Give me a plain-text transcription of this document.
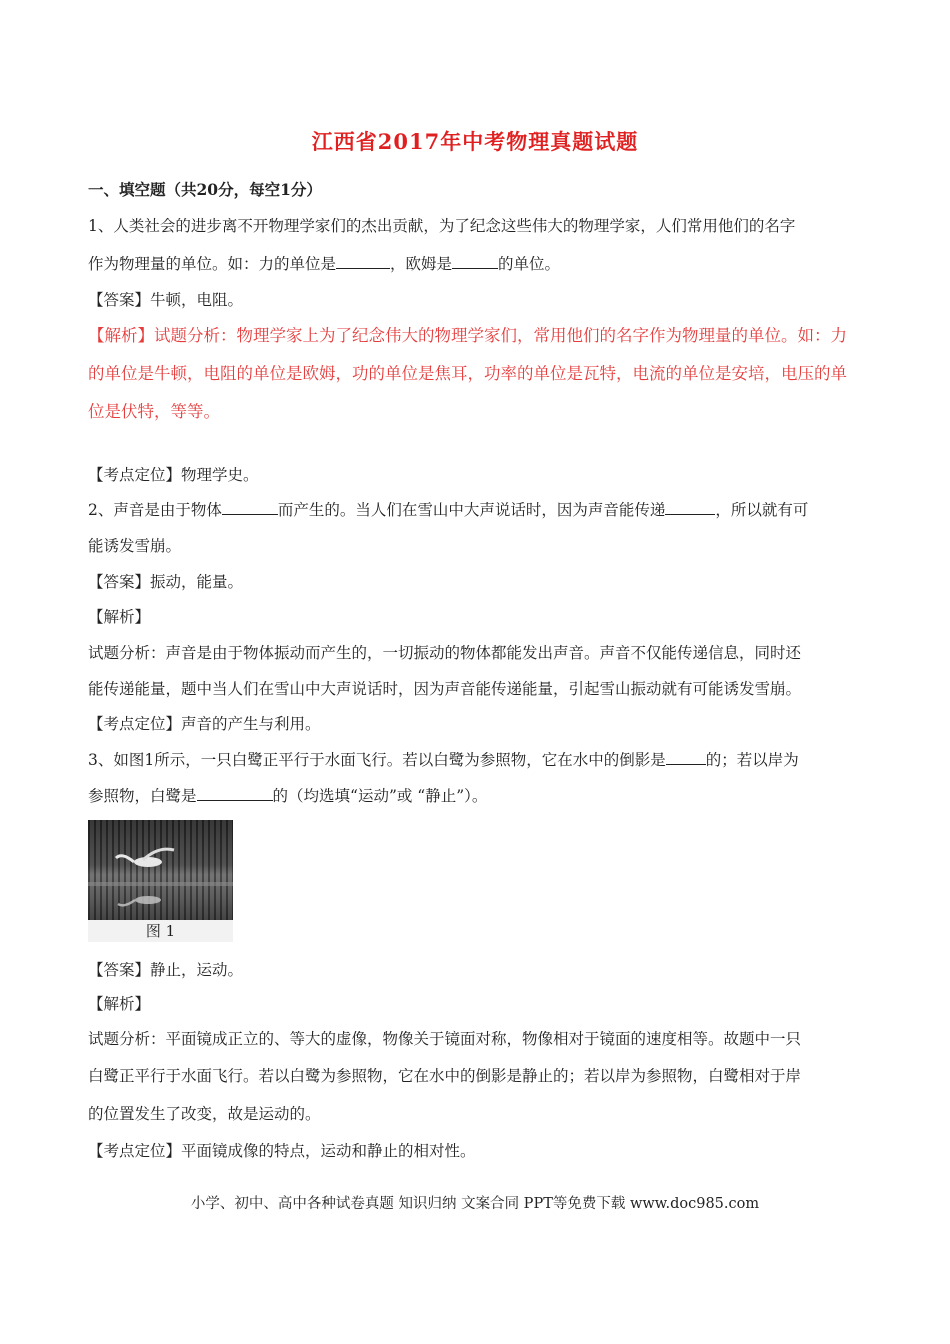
江西省2017年中考物理真题试题
一、填空题（共20分，每空1分）
1、人类社会的进步离不开物理学家们的杰出贡献，为了纪念这些伟大的物理学家，人们常用他们的名字
作为物理量的单位。如：力的单位是	，欧姆是	的单位。
【答案】牛顿，电阻。
【解析】试题分析：物理学家上为了纪念伟大的物理学家们，常用他们的名字作为物理量的单位。如：力
的单位是牛顿，电阻的单位是欧姆，功的单位是焦耳，功率的单位是瓦特，电流的单位是安培，电压的单
位是伏特，等等。
【考点定位】物理学史。
2、声音是由于物体	而产生的。当人们在雪山中大声说话时，因为声音能传递	，所以就有可
能诱发雪崩。
【答案】振动，能量。
【解析】
试题分析：声音是由于物体振动而产生的，一切振动的物体都能发出声音。声音不仅能传递信息，同时还
能传递能量，题中当人们在雪山中大声说话时，因为声音能传递能量，引起雪山振动就有可能诱发雪崩。
【考点定位】声音的产生与利用。
3、如图1所示，一只白鹭正平行于水面飞行。若以白鹭为参照物，它在水中的倒影是	的；若以岸为
参照物，白鹭是	的（均选填“运动”或 “静止”）。
图 1
【答案】静止，运动。
【解析】
试题分析：平面镜成正立的、等大的虚像，物像关于镜面对称，物像相对于镜面的速度相等。故题中一只
白鹭正平行于水面飞行。若以白鹭为参照物，它在水中的倒影是静止的；若以岸为参照物，白鹭相对于岸
的位置发生了改变，故是运动的。
【考点定位】平面镜成像的特点，运动和静止的相对性。
小学、初中、高中各种试卷真题 知识归纳 文案合同 PPT等免费下载 www.doc985.com
